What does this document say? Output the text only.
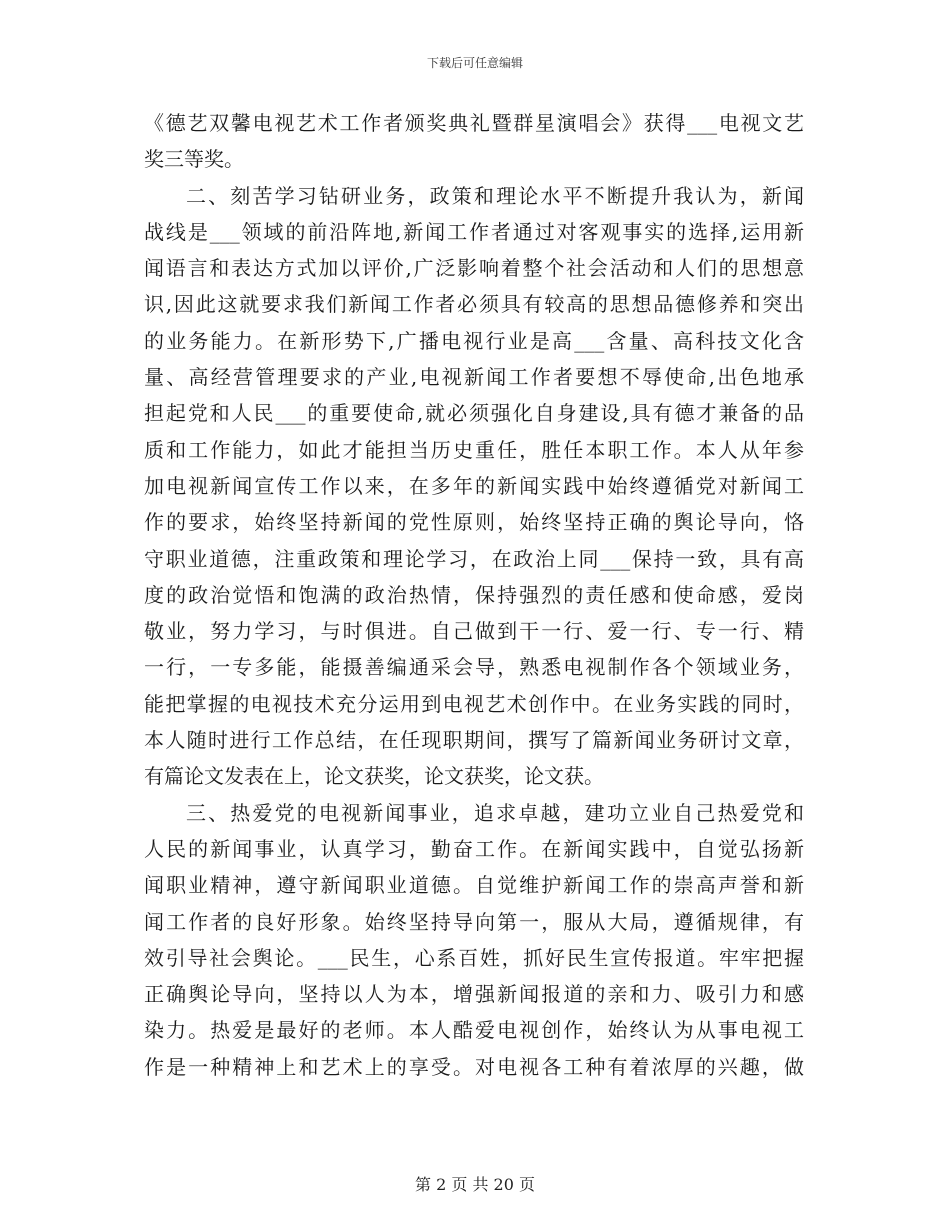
下载后可任意编辑
《德艺双馨电视艺术工作者颁奖典礼暨群星演唱会》获得___电视文艺
奖三等奖。
二、刻苦学习钻研业务，政策和理论水平不断提升我认为，新闻
战线是___领域的前沿阵地,新闻工作者通过对客观事实的选择,运用新
闻语言和表达方式加以评价,广泛影响着整个社会活动和人们的思想意
识,因此这就要求我们新闻工作者必须具有较高的思想品德修养和突出
的业务能力。在新形势下,广播电视行业是高___含量、高科技文化含
量、高经营管理要求的产业,电视新闻工作者要想不辱使命,出色地承
担起党和人民___的重要使命,就必须强化自身建设,具有德才兼备的品
质和工作能力，如此才能担当历史重任，胜任本职工作。本人从年参
加电视新闻宣传工作以来，在多年的新闻实践中始终遵循党对新闻工
作的要求，始终坚持新闻的党性原则，始终坚持正确的舆论导向，恪
守职业道德，注重政策和理论学习，在政治上同___保持一致，具有高
度的政治觉悟和饱满的政治热情，保持强烈的责任感和使命感，爱岗
敬业，努力学习，与时俱进。自己做到干一行、爱一行、专一行、精
一行，一专多能，能摄善编通采会导，熟悉电视制作各个领域业务，
能把掌握的电视技术充分运用到电视艺术创作中。在业务实践的同时，
本人随时进行工作总结，在任现职期间，撰写了篇新闻业务研讨文章，
有篇论文发表在上，论文获奖，论文获奖，论文获。
三、热爱党的电视新闻事业，追求卓越，建功立业自己热爱党和
人民的新闻事业，认真学习，勤奋工作。在新闻实践中，自觉弘扬新
闻职业精神，遵守新闻职业道德。自觉维护新闻工作的崇高声誉和新
闻工作者的良好形象。始终坚持导向第一，服从大局，遵循规律，有
效引导社会舆论。___民生，心系百姓，抓好民生宣传报道。牢牢把握
正确舆论导向，坚持以人为本，增强新闻报道的亲和力、吸引力和感
染力。热爱是最好的老师。本人酷爱电视创作，始终认为从事电视工
作是一种精神上和艺术上的享受。对电视各工种有着浓厚的兴趣，做
第 2 页 共 20 页
